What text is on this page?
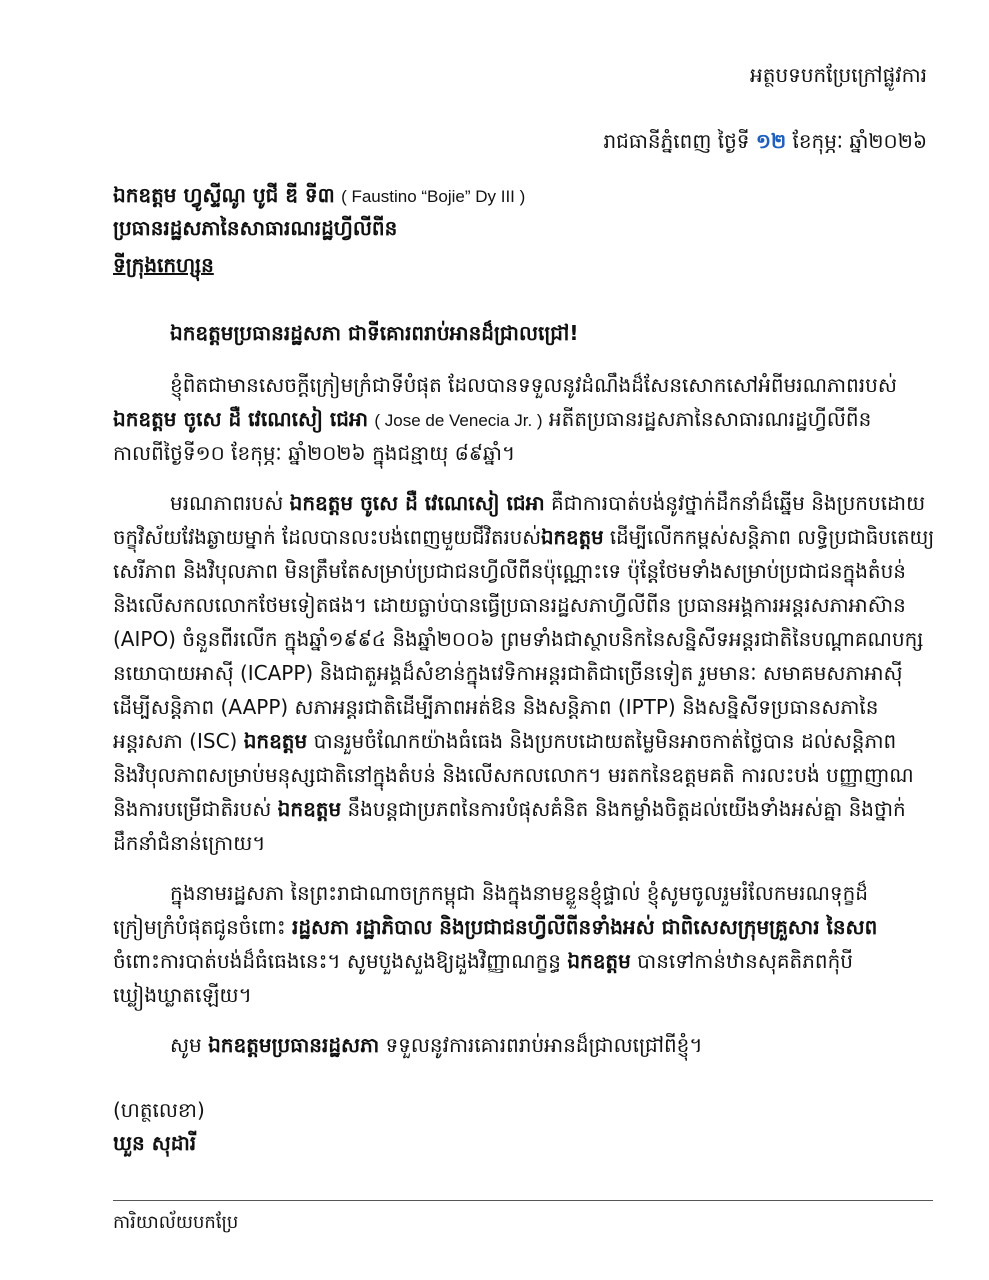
អត្ថបទបកប្រែក្រៅផ្លូវការ
រាជធានីភ្នំពេញ ថ្ងៃទី ១២ ខែកុម្ភៈ ឆ្នាំ២០២៦
ឯកឧត្តម ហ្វូស្ទីណូ បូជី ឌី ទី៣ ( Faustino “Bojie” Dy III )
ប្រធានរដ្ឋសភានៃសាធារណរដ្ឋហ្វីលីពីន
ទីក្រុងកេហ្សុន
ឯកឧត្តមប្រធានរដ្ឋសភា ជាទីគោរពរាប់អានដ៏ជ្រាលជ្រៅ!
ខ្ញុំពិតជាមានសេចក្តីក្រៀមក្រំជាទីបំផុត ដែលបានទទួលនូវដំណឹងដ៏សែនសោកសៅអំពីមរណភាពរបស់
ឯកឧត្តម ចូសេ ដឺ វេណេសៀ ជេអា ( Jose de Venecia Jr. ) អតីតប្រធានរដ្ឋសភានៃសាធារណរដ្ឋហ្វីលីពីន
កាលពីថ្ងៃទី១០ ខែកុម្ភៈ ឆ្នាំ២០២៦ ក្នុងជន្មាយុ ៨៩ឆ្នាំ។
មរណភាពរបស់ ឯកឧត្តម ចូសេ ដឺ វេណេសៀ ជេអា គឺជាការបាត់បង់នូវថ្នាក់ដឹកនាំដ៏ឆ្នើម និងប្រកបដោយ
ចក្ខុវិស័យវែងឆ្ងាយម្នាក់ ដែលបានលះបង់ពេញមួយជីវិតរបស់ឯកឧត្តម ដើម្បីលើកកម្ពស់សន្តិភាព លទ្ធិប្រជាធិបតេយ្យ
សេរីភាព និងវិបុលភាព មិនត្រឹមតែសម្រាប់ប្រជាជនហ្វីលីពីនប៉ុណ្ណោះទេ ប៉ុន្តែថែមទាំងសម្រាប់ប្រជាជនក្នុងតំបន់
និងលើសកលលោកថែមទៀតផង។ ដោយធ្លាប់បានធ្វើប្រធានរដ្ឋសភាហ្វីលីពីន ប្រធានអង្គការអន្តរសភាអាស៊ាន
(AIPO) ចំនួនពីរលើក ក្នុងឆ្នាំ១៩៩៤ និងឆ្នាំ២០០៦ ព្រមទាំងជាស្ថាបនិកនៃសន្និសីទអន្តរជាតិនៃបណ្តាគណបក្ស
នយោបាយអាស៊ី (ICAPP) និងជាតួអង្គដ៏សំខាន់ក្នុងវេទិកាអន្តរជាតិជាច្រើនទៀត រួមមានៈ សមាគមសភាអាស៊ី
ដើម្បីសន្តិភាព (AAPP) សភាអន្តរជាតិដើម្បីភាពអត់ឱន និងសន្តិភាព (IPTP) និងសន្និសីទប្រធានសភានៃ
អន្តរសភា (ISC) ឯកឧត្តម បានរួមចំណែកយ៉ាងធំធេង និងប្រកបដោយតម្លៃមិនអាចកាត់ថ្លៃបាន ដល់សន្តិភាព
និងវិបុលភាពសម្រាប់មនុស្សជាតិនៅក្នុងតំបន់ និងលើសកលលោក។ មរតកនៃឧត្តមគតិ ការលះបង់ បញ្ញាញាណ
និងការបម្រើជាតិរបស់ ឯកឧត្តម នឹងបន្តជាប្រភពនៃការបំផុសគំនិត និងកម្លាំងចិត្តដល់យើងទាំងអស់គ្នា និងថ្នាក់
ដឹកនាំជំនាន់ក្រោយ។
ក្នុងនាមរដ្ឋសភា នៃព្រះរាជាណាចក្រកម្ពុជា និងក្នុងនាមខ្លួនខ្ញុំផ្ទាល់ ខ្ញុំសូមចូលរួមរំលែកមរណទុក្ខដ៏
ក្រៀមក្រំបំផុតជូនចំពោះ រដ្ឋសភា រដ្ឋាភិបាល និងប្រជាជនហ្វីលីពីនទាំងអស់ ជាពិសេសក្រុមគ្រួសារ នៃសព
ចំពោះការបាត់បង់ដ៏ធំធេងនេះ។ សូមបួងសួងឱ្យដួងវិញ្ញាណក្ខន្ធ ឯកឧត្តម បានទៅកាន់ឋានសុគតិភពកុំបី
ឃ្លៀងឃ្លាតឡើយ។
សូម ឯកឧត្តមប្រធានរដ្ឋសភា ទទួលនូវការគោរពរាប់អានដ៏ជ្រាលជ្រៅពីខ្ញុំ។
(ហត្ថលេខា)
ឃួន សុដារី
ការិយាល័យបកប្រែ
